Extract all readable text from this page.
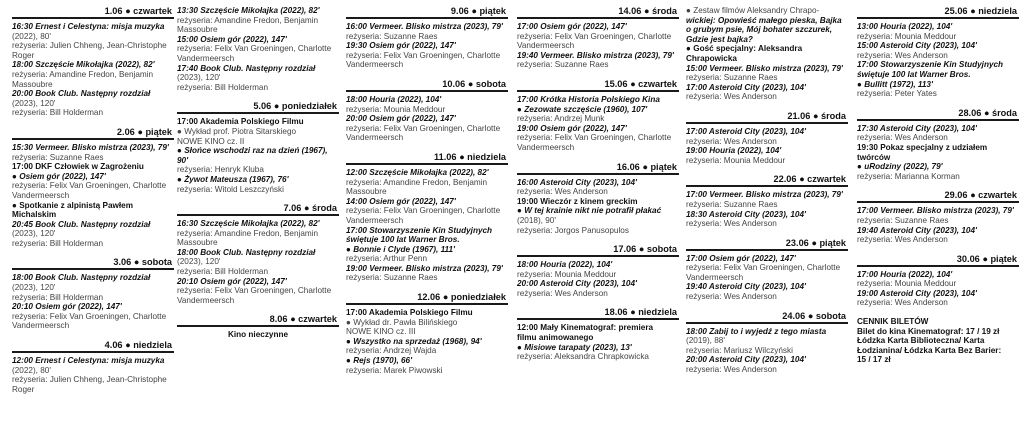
1.06 ● czwartek
16:30 Ernest i Celestyna: misja muzyka
(2022), 80'
reżyseria: Julien Chheng, Jean-Christophe
Roger
18:00 Szczęście Mikołajka (2022), 82'
reżyseria: Amandine Fredon, Benjamin
Massoubre
20:00 Book Club. Następny rozdział
(2023), 120'
reżyseria: Bill Holderman
2.06 ● piątek
15:30 Vermeer. Blisko mistrza (2023), 79'
reżyseria: Suzanne Raes
17:00 DKF Człowiek w Zagrożeniu
● Osiem gór (2022), 147'
reżyseria: Felix Van Groeningen, Charlotte
Vandermeersch
● Spotkanie z alpinistą Pawłem
Michalskim
20:45 Book Club. Następny rozdział
(2023), 120'
reżyseria: Bill Holderman
3.06 ● sobota
18:00 Book Club. Następny rozdział
(2023), 120'
reżyseria: Bill Holderman
20:10 Osiem gór (2022), 147'
reżyseria: Felix Van Groeningen, Charlotte
Vandermeersch
4.06 ● niedziela
12:00 Ernest i Celestyna: misja muzyka
(2022), 80'
reżyseria: Julien Chheng, Jean-Christophe Roger
13:30 Szczęście Mikołajka (2022), 82'
reżyseria: Amandine Fredon, Benjamin
Massoubre
15:00 Osiem gór (2022), 147'
reżyseria: Felix Van Groeningen, Charlotte
Vandermeersch
17:40 Book Club. Następny rozdział
(2023), 120'
reżyseria: Bill Holderman
5.06 ● poniedziałek
17:00 Akademia Polskiego Filmu
● Wykład prof. Piotra Sitarskiego
NOWE KINO cz. II
● Słońce wschodzi raz na dzień (1967), 90'
reżyseria: Henryk Kluba
● Żywot Mateusza (1967), 76'
reżyseria: Witold Leszczyński
7.06 ● środa
16:30 Szczęście Mikołajka (2022), 82'
reżyseria: Amandine Fredon, Benjamin
Massoubre
18:00 Book Club. Następny rozdział
(2023), 120'
reżyseria: Bill Holderman
20:10 Osiem gór (2022), 147'
reżyseria: Felix Van Groeningen, Charlotte
Vandermeersch
8.06 ● czwartek
Kino nieczynne
9.06 ● piątek
16:00 Vermeer. Blisko mistrza (2023), 79'
reżyseria: Suzanne Raes
19:30 Osiem gór (2022), 147'
reżyseria: Felix Van Groeningen, Charlotte
Vandermeersch
10.06 ● sobota
18:00 Houria (2022), 104'
reżyseria: Mounia Meddour
20:00 Osiem gór (2022), 147'
reżyseria: Felix Van Groeningen, Charlotte
Vandermeersch
11.06 ● niedziela
12:00 Szczęście Mikołajka (2022), 82'
reżyseria: Amandine Fredon, Benjamin
Massoubre
14:00 Osiem gór (2022), 147'
reżyseria: Felix Van Groeningen, Charlotte
Vandermeersch
17:00 Stowarzyszenie Kin Studyjnych
świętuje 100 lat Warner Bros.
● Bonnie i Clyde (1967), 111'
reżyseria: Arthur Penn
19:00 Vermeer. Blisko mistrza (2023), 79'
reżyseria: Suzanne Raes
12.06 ● poniedziałek
17:00 Akademia Polskiego Filmu
● Wykład dr. Pawła Bilińskiego
NOWE KINO cz. III
● Wszystko na sprzedaż (1968), 94'
reżyseria: Andrzej Wajda
● Rejs (1970), 66'
reżyseria: Marek Piwowski
14.06 ● środa
17:00 Osiem gór (2022), 147'
reżyseria: Felix Van Groeningen, Charlotte
Vandermeersch
19:40 Vermeer. Blisko mistrza (2023), 79'
reżyseria: Suzanne Raes
15.06 ● czwartek
17:00 Krótka Historia Polskiego Kina
● Zezowate szczęście (1960), 107'
reżyseria: Andrzej Munk
19:00 Osiem gór (2022), 147'
reżyseria: Felix Van Groeningen, Charlotte
Vandermeersch
16.06 ● piątek
16:00 Asteroid City (2023), 104'
reżyseria: Wes Anderson
19:00 Wieczór z kinem greckim
● W tej krainie nikt nie potrafił płakać
(2018), 90'
reżyseria: Jorgos Panusopulos
17.06 ● sobota
18:00 Houria (2022), 104'
reżyseria: Mounia Meddour
20:00 Asteroid City (2023), 104'
reżyseria: Wes Anderson
18.06 ● niedziela
12:00 Mały Kinematograf: premiera
filmu animowanego
● Misiowe tarapaty (2023), 13'
reżyseria: Aleksandra Chrapkowicka
● Zestaw filmów Aleksandry Chrapo-
wickiej: Opowieść małego pieska, Bajka
o grubym psie, Mój bohater szczurek,
Gdzie jest bajka?
● Gość specjalny: Aleksandra Chrapowicka
15:00 Vermeer. Blisko mistrza (2023), 79'
reżyseria: Suzanne Raes
17:00 Asteroid City (2023), 104'
reżyseria: Wes Anderson
21.06 ● środa
17:00 Asteroid City (2023), 104'
reżyseria: Wes Anderson
19:00 Houria (2022), 104'
reżyseria: Mounia Meddour
22.06 ● czwartek
17:00 Vermeer. Blisko mistrza (2023), 79'
reżyseria: Suzanne Raes
18:30 Asteroid City (2023), 104'
reżyseria: Wes Anderson
23.06 ● piątek
17:00 Osiem gór (2022), 147'
reżyseria: Felix Van Groeningen, Charlotte
Vandermeersch
19:40 Asteroid City (2023), 104'
reżyseria: Wes Anderson
24.06 ● sobota
18:00 Zabij to i wyjedź z tego miasta
(2019), 88'
reżyseria: Mariusz Wilczyński
20:00 Asteroid City (2023), 104'
reżyseria: Wes Anderson
25.06 ● niedziela
13:00 Houria (2022), 104'
reżyseria: Mounia Meddour
15:00 Asteroid City (2023), 104'
reżyseria: Wes Anderson
17:00 Stowarzyszenie Kin Studyjnych
świętuje 100 lat Warner Bros.
● Bullitt (1972), 113'
reżyseria: Peter Yates
28.06 ● środa
17:30 Asteroid City (2023), 104'
reżyseria: Wes Anderson
19:30 Pokaz specjalny z udziałem twórców
● uRodziny (2022), 79'
reżyseria: Marianna Korman
29.06 ● czwartek
17:00 Vermeer. Blisko mistrza (2023), 79'
reżyseria: Suzanne Raes
19:40 Asteroid City (2023), 104'
reżyseria: Wes Anderson
30.06 ● piątek
17:00 Houria (2022), 104'
reżyseria: Mounia Meddour
19:00 Asteroid City (2023), 104'
reżyseria: Wes Anderson
CENNIK BILETÓW
Bilet do kina Kinematograf: 17 / 19 zł
Łódzka Karta Biblioteczna/ Karta
Łodzianina/ Łódzka Karta Bez Barier:
15 / 17 zł
